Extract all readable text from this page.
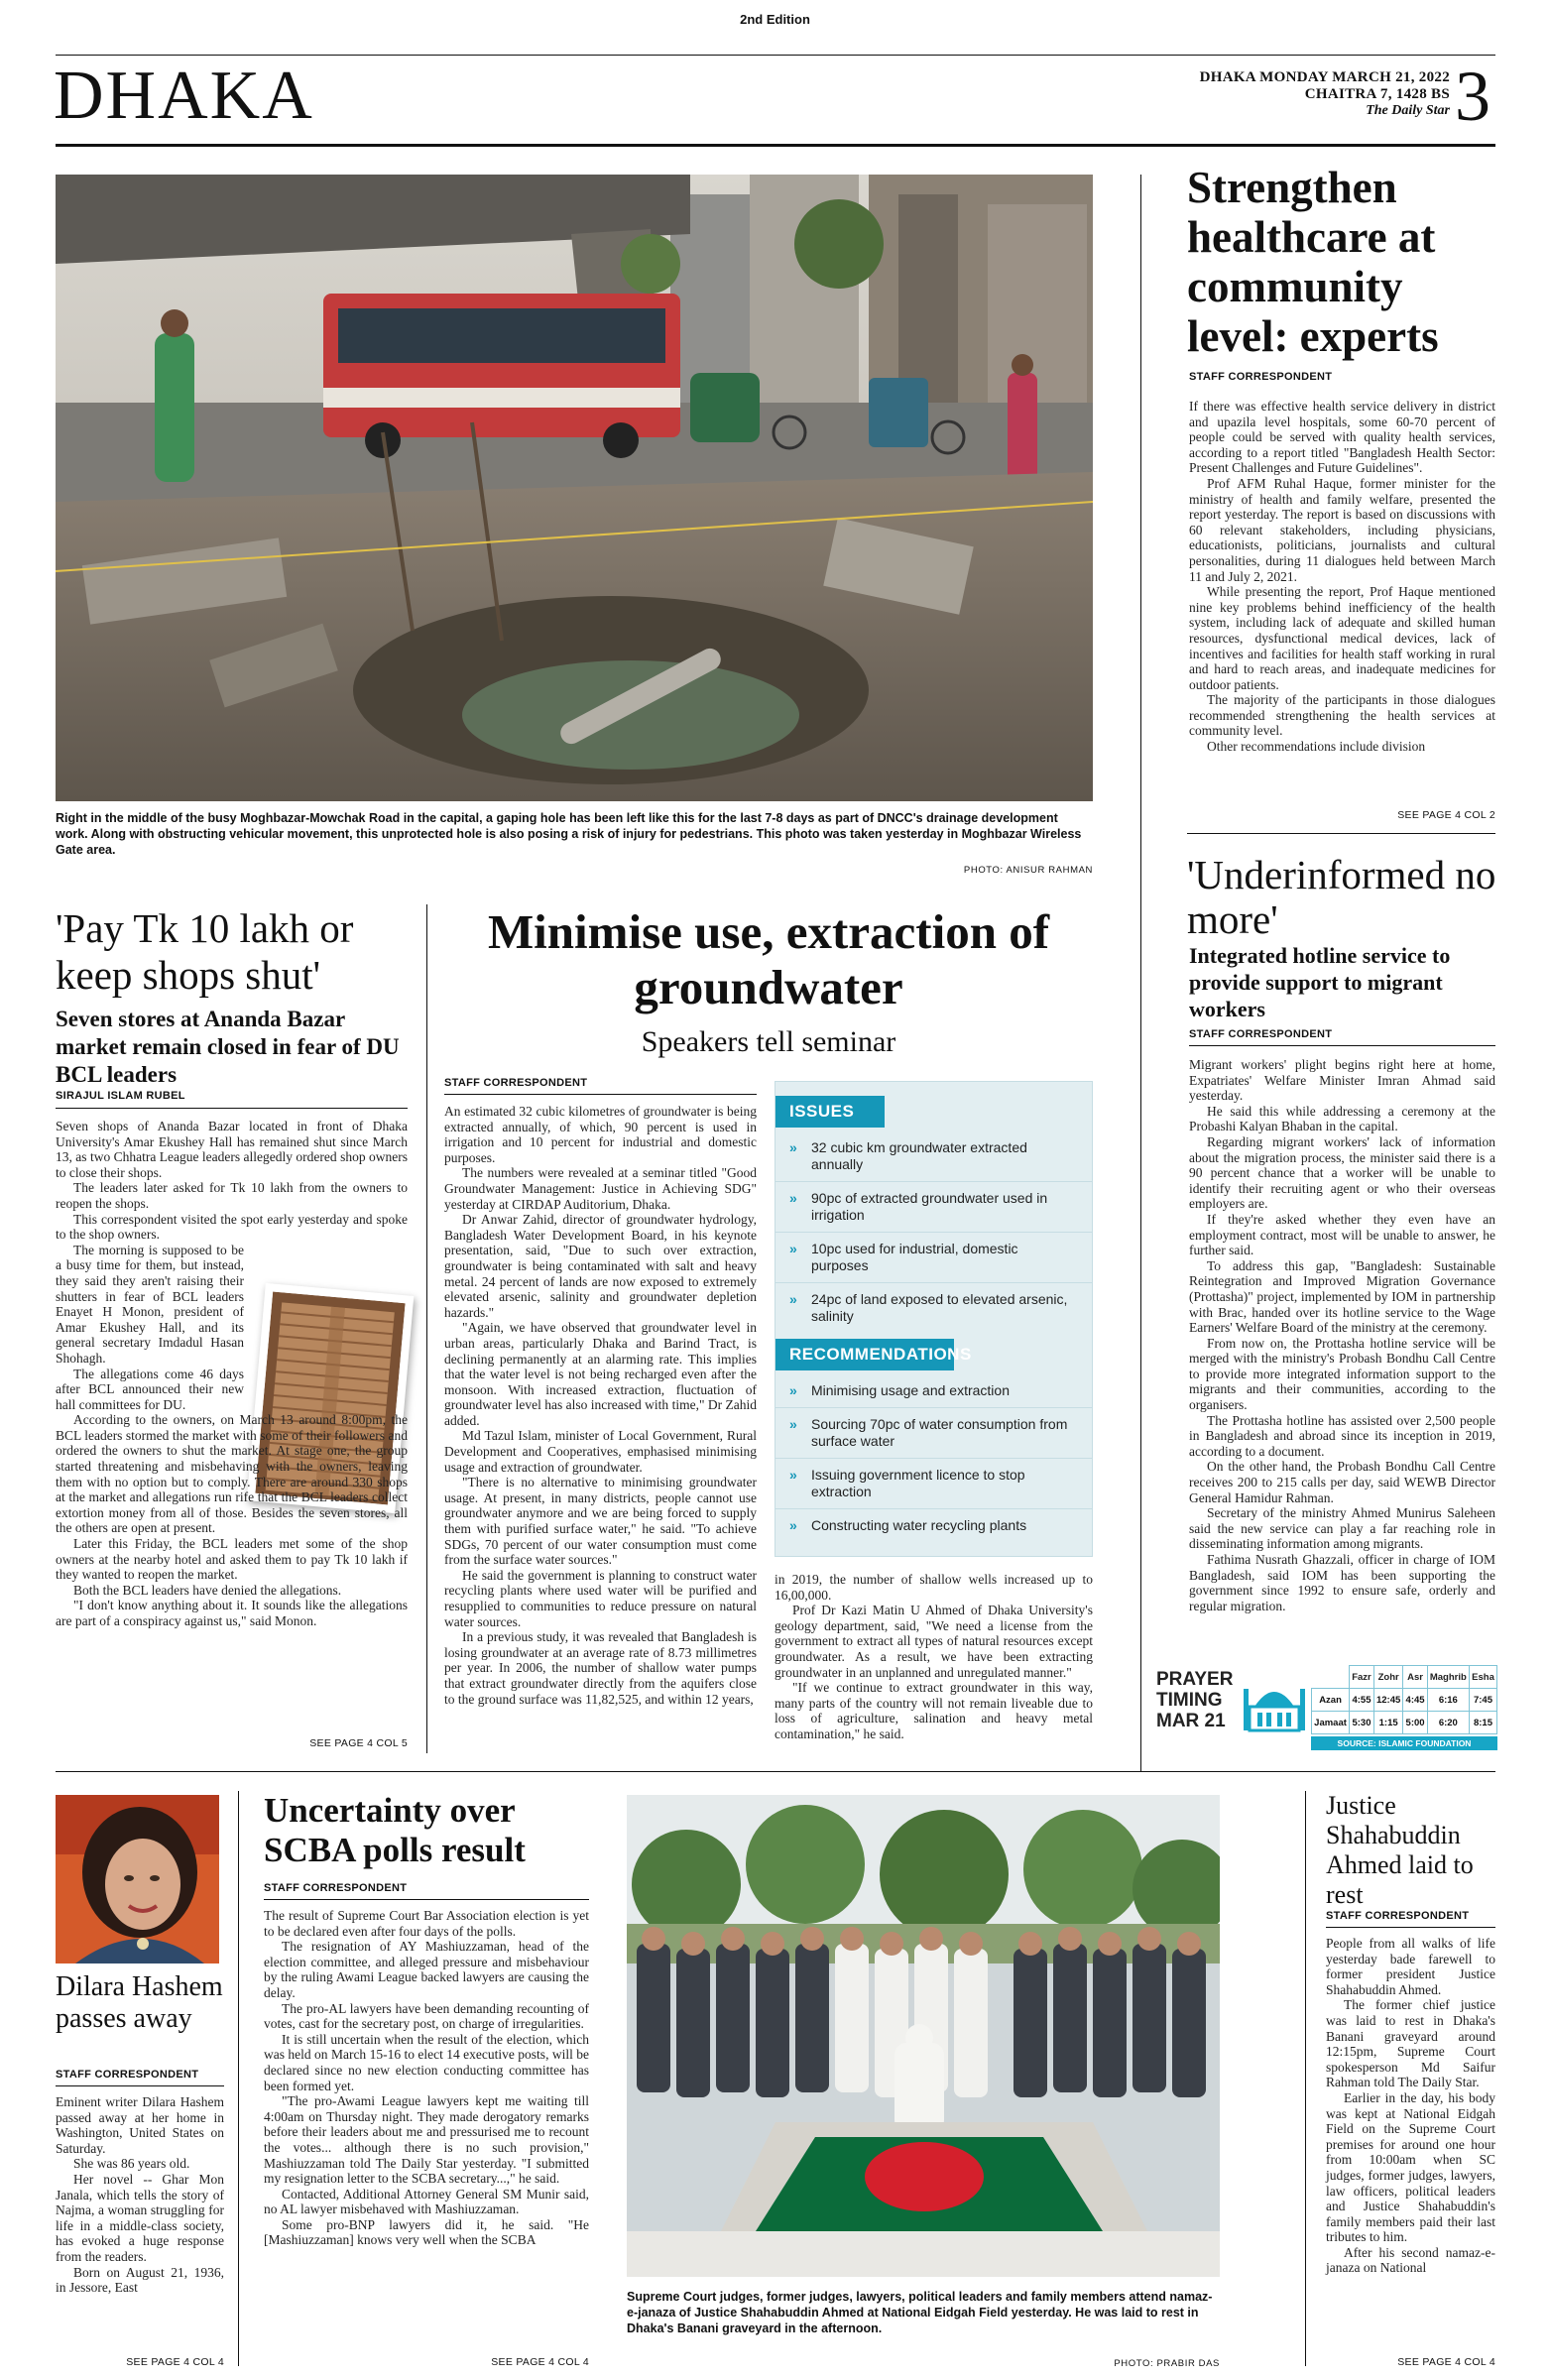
2nd Edition
DHAKA	DHAKA MONDAY MARCH 21, 2022
CHAITRA 7, 1428 BS
The Daily Star 3
Right in the middle of the busy Moghbazar-Mowchak Road in the capital, a gaping hole has been left like this for the last 7-8 days as part of DNCC's drainage development work. Along with obstructing vehicular movement, this unprotected hole is also posing a risk of injury for pedestrians. This photo was taken yesterday in Moghbazar Wireless Gate area.
PHOTO: ANISUR RAHMAN
Strengthen healthcare at community level: experts
STAFF CORRESPONDENT

If there was effective health service delivery in district and upazila level hospitals, some 60-70 percent of people could be served with quality health services, according to a report titled "Bangladesh Health Sector: Present Challenges and Future Guidelines".

Prof AFM Ruhal Haque, former minister for the ministry of health and family welfare, presented the report yesterday. The report is based on discussions with 60 relevant stakeholders, including physicians, educationists, politicians, journalists and cultural personalities, during 11 dialogues held between March 11 and July 2, 2021.

While presenting the report, Prof Haque mentioned nine key problems behind inefficiency of the health system, including lack of adequate and skilled human resources, dysfunctional medical devices, lack of incentives and facilities for health staff working in rural and hard to reach areas, and inadequate medicines for outdoor patients.

The majority of the participants in those dialogues recommended strengthening the health services at community level.

Other recommendations include division

SEE PAGE 4 COL 2
'Underinformed no more'
Integrated hotline service to provide support to migrant workers
STAFF CORRESPONDENT

Migrant workers' plight begins right here at home, Expatriates' Welfare Minister Imran Ahmad said yesterday.

He said this while addressing a ceremony at the Probashi Kalyan Bhaban in the capital.

Regarding migrant workers' lack of information about the migration process, the minister said there is a 90 percent chance that a worker will be unable to identify their recruiting agent or who their overseas employers are.

If they're asked whether they even have an employment contract, most will be unable to answer, he further said.

To address this gap, "Bangladesh: Sustainable Reintegration and Improved Migration Governance (Prottasha)" project, implemented by IOM in partnership with Brac, handed over its hotline service to the Wage Earners' Welfare Board of the ministry at the ceremony.

From now on, the Prottasha hotline service will be merged with the ministry's Probash Bondhu Call Centre to provide more integrated information support to the migrants and their communities, according to the organisers.

The Prottasha hotline has assisted over 2,500 people in Bangladesh and abroad since its inception in 2019, according to a document.

On the other hand, the Probash Bondhu Call Centre receives 200 to 215 calls per day, said WEWB Director General Hamidur Rahman.

Secretary of the ministry Ahmed Munirus Saleheen said the new service can play a far reaching role in disseminating information among migrants.

Fathima Nusrath Ghazzali, officer in charge of IOM Bangladesh, said IOM has been supporting the government since 1992 to ensure safe, orderly and regular migration.

PRAYER
TIMING
MAR 21
	Fazr	Zohr	Asr	Maghrib	Esha
Azan	4:55	12:45	4:45	6:16	7:45
Jamaat	5:30	1:15	5:00	6:20	8:15
SOURCE: ISLAMIC FOUNDATION
'Pay Tk 10 lakh or keep shops shut'
Seven stores at Ananda Bazar market remain closed in fear of DU BCL leaders
SIRAJUL ISLAM RUBEL

Seven shops of Ananda Bazar located in front of Dhaka University's Amar Ekushey Hall has remained shut since March 13, as two Chhatra League leaders allegedly ordered shop owners to close their shops.

The leaders later asked for Tk 10 lakh from the owners to reopen the shops.

This correspondent visited the spot early yesterday and spoke to the shop owners.

The morning is supposed to be a busy time for them, but instead, they said they aren't raising their shutters in fear of BCL leaders Enayet H Monon, president of Amar Ekushey Hall, and its general secretary Imdadul Hasan Shohagh.

The allegations come 46 days after BCL announced their new hall committees for DU.

According to the owners, on March 13 around 8:00pm, the BCL leaders stormed the market with some of their followers and ordered the owners to shut the market. At stage one, the group started threatening and misbehaving with the owners, leaving them with no option but to comply. There are around 330 shops at the market and allegations run rife that the BCL leaders collect extortion money from all of those. Besides the seven stores, all the others are open at present.

Later this Friday, the BCL leaders met some of the shop owners at the nearby hotel and asked them to pay Tk 10 lakh if they wanted to reopen the market.

Both the BCL leaders have denied the allegations.

"I don't know anything about it. It sounds like the allegations are part of a conspiracy against us," said Monon.

SEE PAGE 4 COL 5
Minimise use, extraction of groundwater
Speakers tell seminar
STAFF CORRESPONDENT

An estimated 32 cubic kilometres of groundwater is being extracted annually, of which, 90 percent is used in irrigation and 10 percent for industrial and domestic purposes.

The numbers were revealed at a seminar titled "Good Groundwater Management: Justice in Achieving SDG" yesterday at CIRDAP Auditorium, Dhaka.

Dr Anwar Zahid, director of groundwater hydrology, Bangladesh Water Development Board, in his keynote presentation, said, "Due to such over extraction, groundwater is being contaminated with salt and heavy metal. 24 percent of lands are now exposed to extremely elevated arsenic, salinity and groundwater depletion hazards."

"Again, we have observed that groundwater level in urban areas, particularly Dhaka and Barind Tract, is declining permanently at an alarming rate. This implies that the water level is not being recharged even after the monsoon. With increased extraction, fluctuation of groundwater level has also increased with time," Dr Zahid added.

Md Tazul Islam, minister of Local Government, Rural Development and Cooperatives, emphasised minimising usage and extraction of groundwater.

"There is no alternative to minimising groundwater usage. At present, in many districts, people cannot use groundwater anymore and we are being forced to supply them with purified surface water," he said. "To achieve SDGs, 70 percent of our water consumption must come from the surface water sources."

He said the government is planning to construct water recycling plants where used water will be purified and resupplied to communities to reduce pressure on natural water sources.

In a previous study, it was revealed that Bangladesh is losing groundwater at an average rate of 8.73 millimetres per year. In 2006, the number of shallow water pumps that extract groundwater directly from the aquifers close to the ground surface was 11,82,525, and within 12 years,

ISSUES
»	32 cubic km groundwater extracted annually
»	90pc of extracted groundwater used in irrigation
»	10pc used for industrial, domestic purposes
»	24pc of land exposed to elevated arsenic, salinity
RECOMMENDATIONS
»	Minimising usage and extraction
»	Sourcing 70pc of water consumption from surface water
»	Issuing government licence to stop extraction
»	Constructing water recycling plants

in 2019, the number of shallow wells increased up to 16,00,000.

Prof Dr Kazi Matin U Ahmed of Dhaka University's geology department, said, "We need a license from the government to extract all types of natural resources except groundwater. As a result, we have been extracting groundwater in an unplanned and unregulated manner."

"If we continue to extract groundwater in this way, many parts of the country will not remain liveable due to loss of agriculture, salination and heavy metal contamination," he said.

Dilara Hashem passes away
STAFF CORRESPONDENT

Eminent writer Dilara Hashem passed away at her home in Washington, United States on Saturday.

She was 86 years old.

Her novel -- Ghar Mon Janala, which tells the story of Najma, a woman struggling for life in a middle-class society, has evoked a huge response from the readers.

Born on August 21, 1936, in Jessore, East

SEE PAGE 4 COL 4
Uncertainty over SCBA polls result
STAFF CORRESPONDENT

The result of Supreme Court Bar Association election is yet to be declared even after four days of the polls.

The resignation of AY Mashiuzzaman, head of the election committee, and alleged pressure and misbehaviour by the ruling Awami League backed lawyers are causing the delay.

The pro-AL lawyers have been demanding recounting of votes, cast for the secretary post, on charge of irregularities.

It is still uncertain when the result of the election, which was held on March 15-16 to elect 14 executive posts, will be declared since no new election conducting committee has been formed yet.

"The pro-Awami League lawyers kept me waiting till 4:00am on Thursday night. They made derogatory remarks before their leaders about me and pressurised me to recount the votes... although there is no such provision," Mashiuzzaman told The Daily Star yesterday. "I submitted my resignation letter to the SCBA secretary...," he said.

Contacted, Additional Attorney General SM Munir said, no AL lawyer misbehaved with Mashiuzzaman.

Some pro-BNP lawyers did it, he said. "He [Mashiuzzaman] knows very well when the SCBA

SEE PAGE 4 COL 4
Supreme Court judges, former judges, lawyers, political leaders and family members attend namaz-e-janaza of Justice Shahabuddin Ahmed at National Eidgah Field yesterday. He was laid to rest in Dhaka's Banani graveyard in the afternoon.
PHOTO: PRABIR DAS
Justice Shahabuddin Ahmed laid to rest
STAFF CORRESPONDENT

People from all walks of life yesterday bade farewell to former president Justice Shahabuddin Ahmed.

The former chief justice was laid to rest in Dhaka's Banani graveyard around 12:15pm, Supreme Court spokesperson Md Saifur Rahman told The Daily Star.

Earlier in the day, his body was kept at National Eidgah Field on the Supreme Court premises for around one hour from 10:00am when SC judges, former judges, lawyers, law officers, political leaders and Justice Shahabuddin's family members paid their last tributes to him.

After his second namaz-e-janaza on National

SEE PAGE 4 COL 4
